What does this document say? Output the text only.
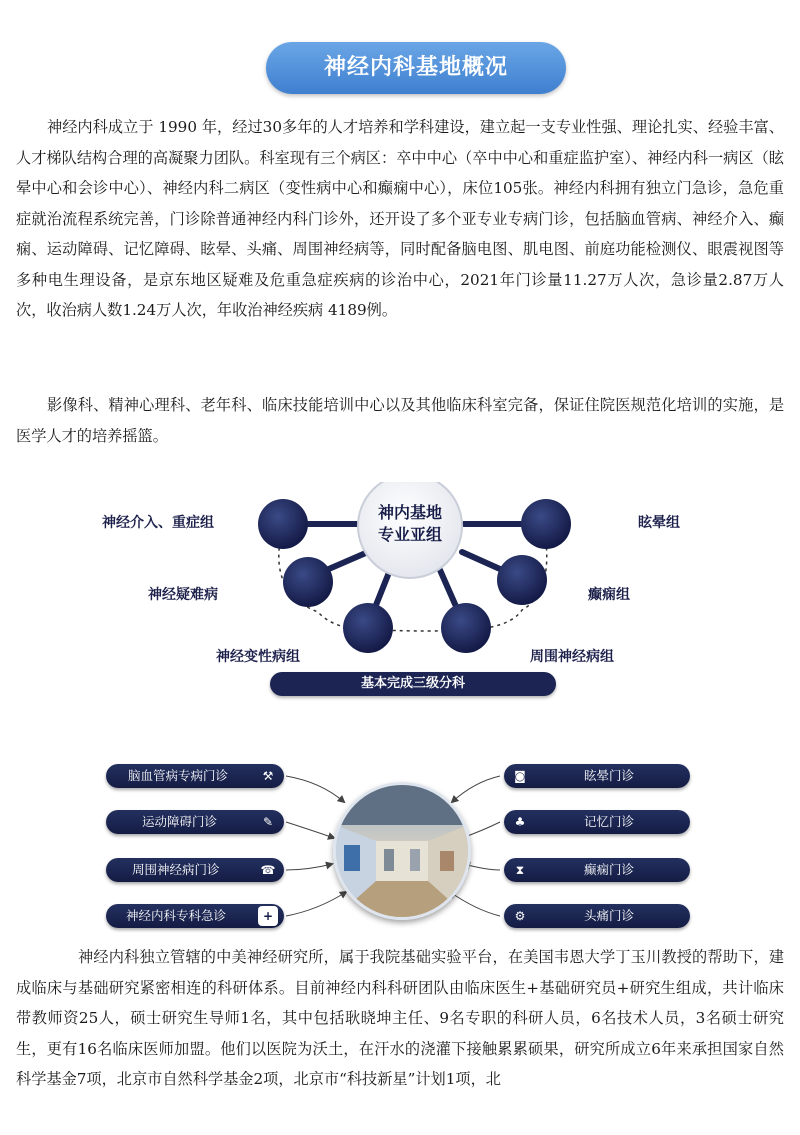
神经内科基地概况

神经内科成立于 1990 年，经过30多年的人才培养和学科建设，建立起一支专业性强、理论扎实、经验丰富、人才梯队结构合理的高凝聚力团队。科室现有三个病区：卒中中心（卒中中心和重症监护室）、神经内科一病区（眩晕中心和会诊中心）、神经内科二病区（变性病中心和癫痫中心），床位105张。神经内科拥有独立门急诊，急危重症就治流程系统完善，门诊除普通神经内科门诊外，还开设了多个亚专业专病门诊，包括脑血管病、神经介入、癫痫、运动障碍、记忆障碍、眩晕、头痛、周围神经病等，同时配备脑电图、肌电图、前庭功能检测仪、眼震视图等多种电生理设备，是京东地区疑难及危重急症疾病的诊治中心，2021年门诊量11.27万人次，急诊量2.87万人次，收治病人数1.24万人次，年收治神经疾病 4189例。

影像科、精神心理科、老年科、临床技能培训中心以及其他临床科室完备，保证住院医规范化培训的实施，是医学人才的培养摇篮。

神内基地
专业亚组
神经介入、重症组	眩晕组
神经疑难病	癫痫组
神经变性病组	周围神经病组
基本完成三级分科
脑血管病专病门诊	⚒
运动障碍门诊	✎
周围神经病门诊	☎
神经内科专科急诊	+
◙	眩晕门诊
♣	记忆门诊
⧗	癫痫门诊
⚙	头痛门诊

神经内科独立管辖的中美神经研究所，属于我院基础实验平台，在美国韦恩大学丁玉川教授的帮助下，建成临床与基础研究紧密相连的科研体系。目前神经内科科研团队由临床医生+基础研究员+研究生组成，共计临床带教师资25人，硕士研究生导师1名，其中包括耿晓坤主任、9名专职的科研人员，6名技术人员，3名硕士研究生，更有16名临床医师加盟。他们以医院为沃土，在汗水的浇灌下接触累累硕果，研究所成立6年来承担国家自然科学基金7项，北京市自然科学基金2项，北京市“科技新星”计划1项，北
